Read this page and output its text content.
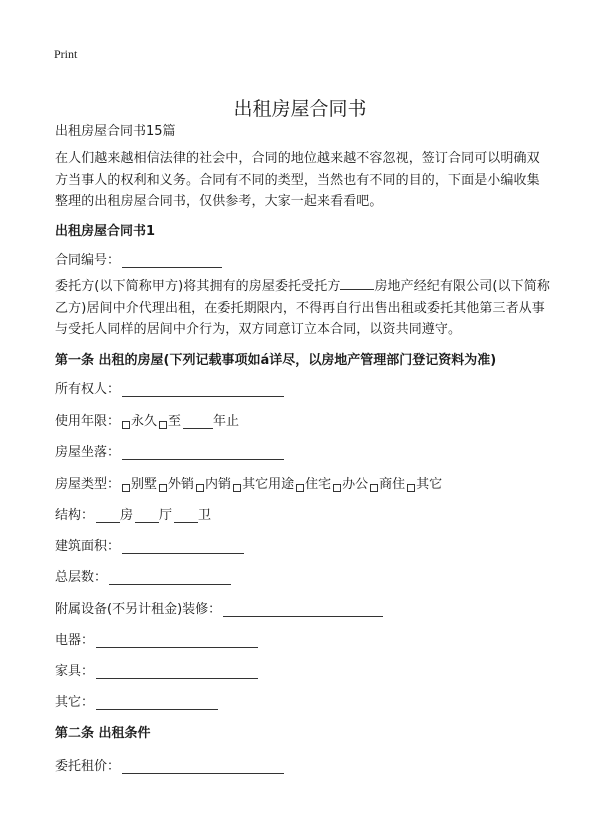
Print
出租房屋合同书
出租房屋合同书15篇
在人们越来越相信法律的社会中，合同的地位越来越不容忽视，签订合同可以明确双方当事人的权利和义务。合同有不同的类型，当然也有不同的目的，下面是小编收集整理的出租房屋合同书，仅供参考，大家一起来看看吧。
出租房屋合同书1
合同编号：
委托方(以下简称甲方)将其拥有的房屋委托受托方	房地产经纪有限公司(以下简称乙方)居间中介代理出租，在委托期限内，不得再自行出售出租或委托其他第三者从事与受托人同样的居间中介行为，双方同意订立本合同，以资共同遵守。
第一条 出租的房屋(下列记载事项如á详尽，以房地产管理部门登记资料为准)
所有权人：
使用年限： 永久 至 年止
房屋坐落：
房屋类型： 别墅 外销 内销 其它用途 住宅 办公 商住 其它
结构： 房 厅 卫
建筑面积：
总层数：
附属设备(不另计租金)装修：
电器：
家具：
其它：
第二条 出租条件
委托租价：
